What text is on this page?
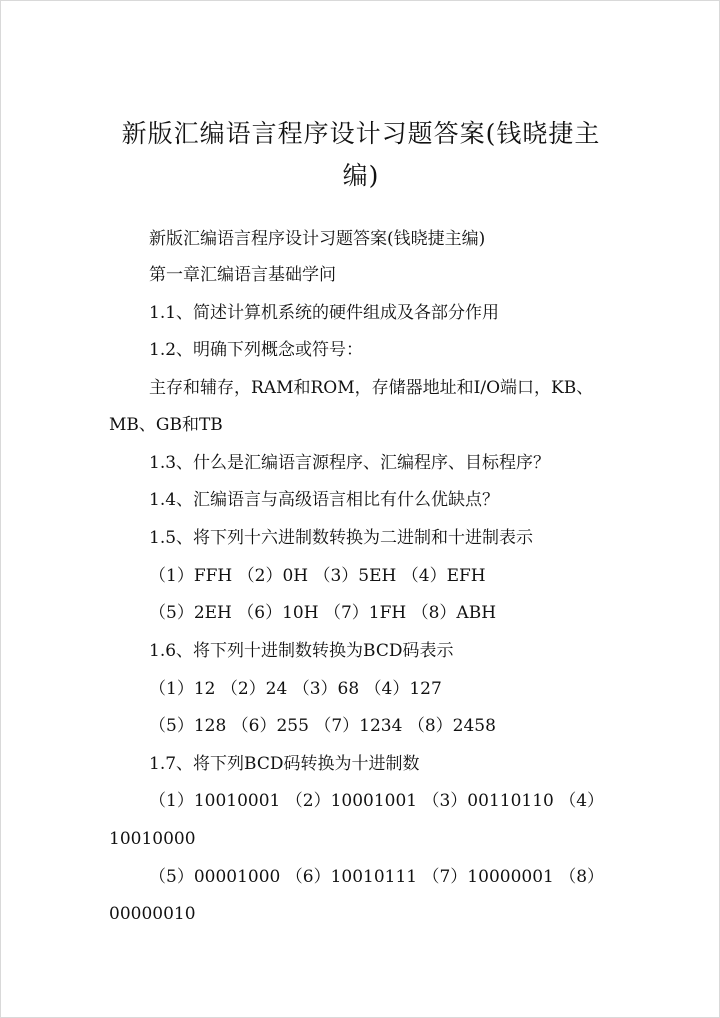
新版汇编语言程序设计习题答案(钱晓捷主
编)
新版汇编语言程序设计习题答案(钱晓捷主编)
第一章汇编语言基础学问
1.1、简述计算机系统的硬件组成及各部分作用
1.2、明确下列概念或符号：
主存和辅存，RAM和ROM，存储器地址和I/O端口，KB、
MB、GB和TB
1.3、什么是汇编语言源程序、汇编程序、目标程序？
1.4、汇编语言与高级语言相比有什么优缺点？
1.5、将下列十六进制数转换为二进制和十进制表示
（1）FFH （2）0H （3）5EH （4）EFH
（5）2EH （6）10H （7）1FH （8）ABH
1.6、将下列十进制数转换为BCD码表示
（1）12 （2）24 （3）68 （4）127
（5）128 （6）255 （7）1234 （8）2458
1.7、将下列BCD码转换为十进制数
（1）10010001 （2）10001001 （3）00110110 （4）
10010000
（5）00001000 （6）10010111 （7）10000001 （8）
00000010
